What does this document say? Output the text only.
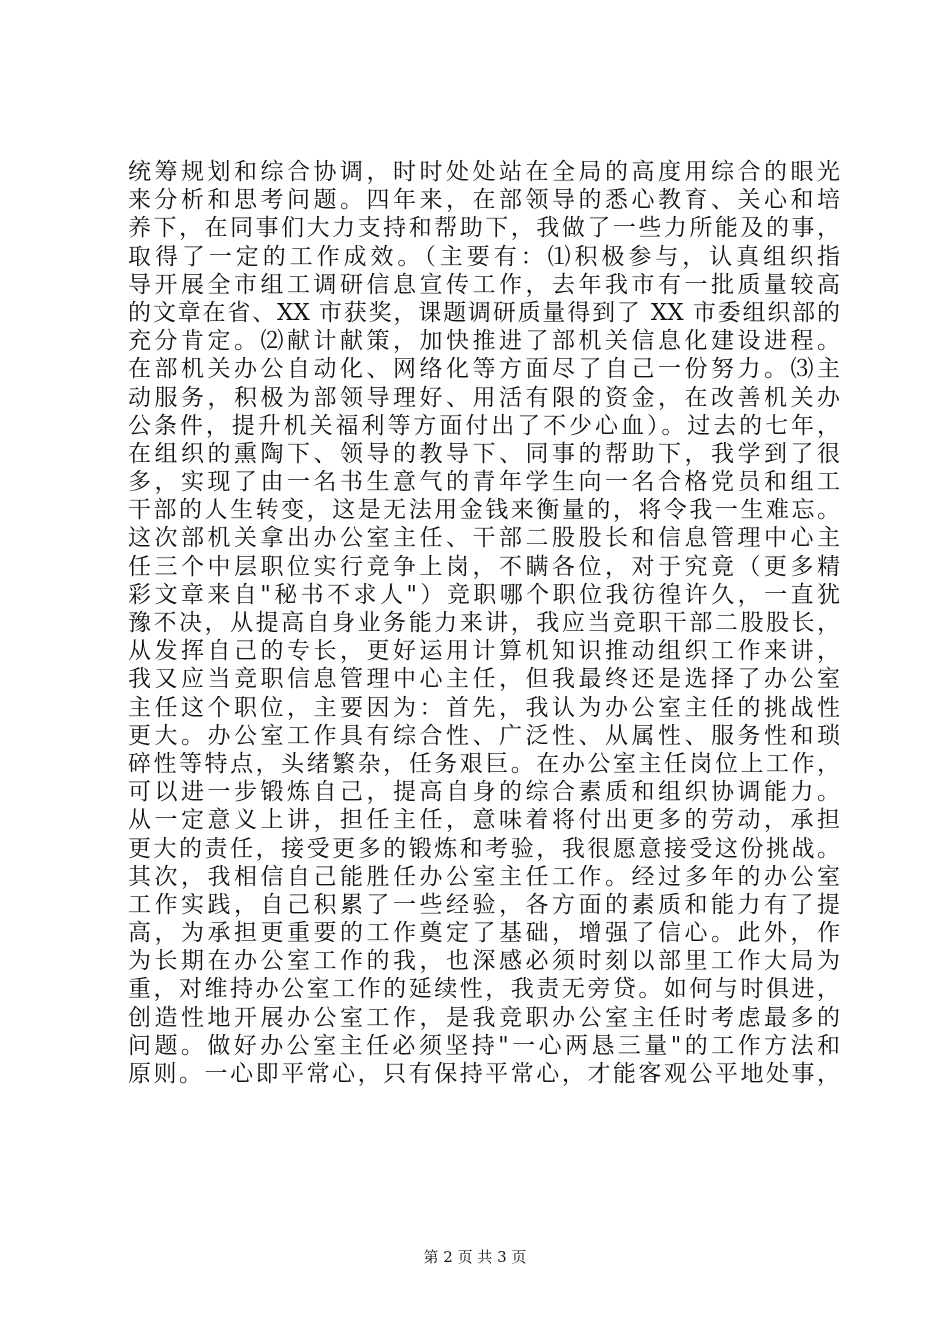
统筹规划和综合协调，时时处处站在全局的高度用综合的眼光
来分析和思考问题。四年来，在部领导的悉心教育、关心和培
养下，在同事们大力支持和帮助下，我做了一些力所能及的事，
取得了一定的工作成效。（主要有：⑴积极参与，认真组织指
导开展全市组工调研信息宣传工作，去年我市有一批质量较高
的文章在省、XX 市获奖，课题调研质量得到了 XX 市委组织部的
充分肯定。⑵献计献策，加快推进了部机关信息化建设进程。
在部机关办公自动化、网络化等方面尽了自己一份努力。⑶主
动服务，积极为部领导理好、用活有限的资金，在改善机关办
公条件，提升机关福利等方面付出了不少心血）。过去的七年，
在组织的熏陶下、领导的教导下、同事的帮助下，我学到了很
多，实现了由一名书生意气的青年学生向一名合格党员和组工
干部的人生转变，这是无法用金钱来衡量的，将令我一生难忘。
这次部机关拿出办公室主任、干部二股股长和信息管理中心主
任三个中层职位实行竞争上岗，不瞒各位，对于究竟（更多精
彩文章来自"秘书不求人"）竞职哪个职位我彷徨许久，一直犹
豫不决，从提高自身业务能力来讲，我应当竞职干部二股股长，
从发挥自己的专长，更好运用计算机知识推动组织工作来讲，
我又应当竞职信息管理中心主任，但我最终还是选择了办公室
主任这个职位，主要因为：首先，我认为办公室主任的挑战性
更大。办公室工作具有综合性、广泛性、从属性、服务性和琐
碎性等特点，头绪繁杂，任务艰巨。在办公室主任岗位上工作，
可以进一步锻炼自己，提高自身的综合素质和组织协调能力。
从一定意义上讲，担任主任，意味着将付出更多的劳动，承担
更大的责任，接受更多的锻炼和考验，我很愿意接受这份挑战。
其次，我相信自己能胜任办公室主任工作。经过多年的办公室
工作实践，自己积累了一些经验，各方面的素质和能力有了提
高，为承担更重要的工作奠定了基础，增强了信心。此外，作
为长期在办公室工作的我，也深感必须时刻以部里工作大局为
重，对维持办公室工作的延续性，我责无旁贷。如何与时俱进，
创造性地开展办公室工作，是我竞职办公室主任时考虑最多的
问题。做好办公室主任必须坚持"一心两恳三量"的工作方法和
原则。一心即平常心，只有保持平常心，才能客观公平地处事，
第 2 页 共 3 页
